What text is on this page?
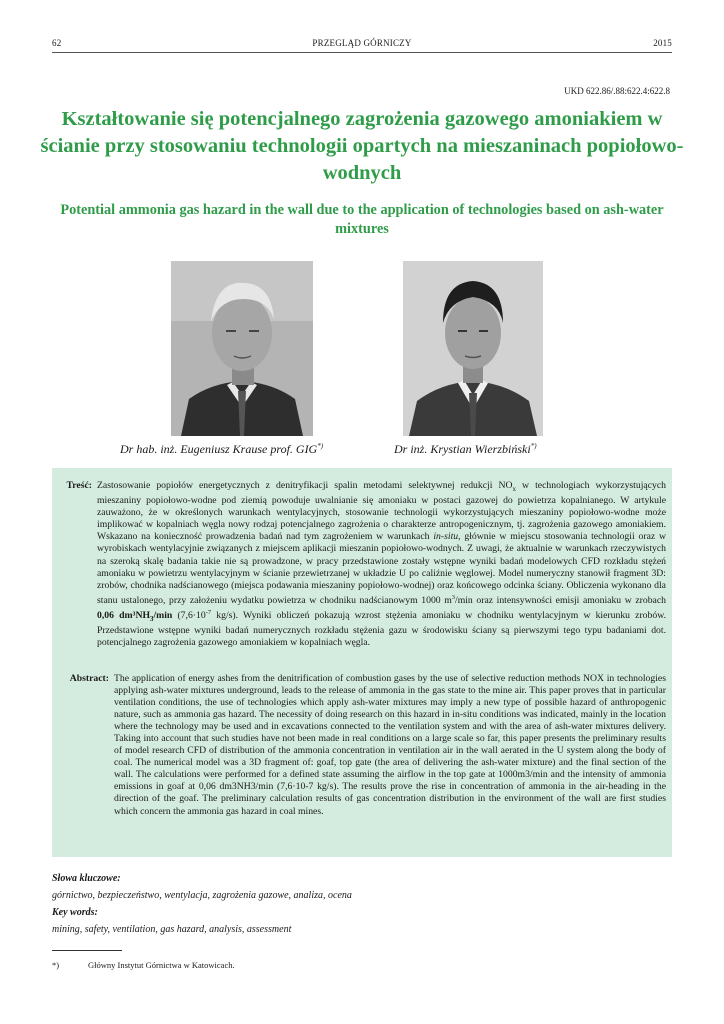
62	PRZEGLĄD GÓRNICZY	2015
UKD 622.86/.88:622.4:622.8
Kształtowanie się potencjalnego zagrożenia gazowego amoniakiem w ścianie przy stosowaniu technologii opartych na mieszaninach popiołowo-wodnych
Potential ammonia gas hazard in the wall due to the application of technologies based on ash-water mixtures
Dr hab. inż. Eugeniusz Krause prof. GIG*)	Dr inż. Krystian Wierzbiński*)
Treść: Zastosowanie popiołów energetycznych z denitryfikacji spalin metodami selektywnej redukcji $NO_x$ w technologiach wykorzystujących mieszaniny popiołowo-wodne pod ziemią powoduje uwalnianie się amoniaku w postaci gazowej do powietrza kopalnianego. W artykule zauważono, że w określonych warunkach wentylacyjnych, stosowanie technologii wykorzystujących mieszaniny popiołowo-wodne może implikować w kopalniach węgla nowy rodzaj potencjalnego zagrożenia o charakterze antropogenicznym, tj. zagrożenia gazowego amoniakiem. Wskazano na konieczność prowadzenia badań nad tym zagrożeniem w warunkach in-situ, głównie w miejscu stosowania technologii oraz w wyrobiskach wentylacyjnie związanych z miejscem aplikacji mieszanin popiołowo-wodnych. Z uwagi, że aktualnie w warunkach rzeczywistych na szeroką skalę badania takie nie są prowadzone, w pracy przedstawione zostały wstępne wyniki badań modelowych CFD rozkładu stężeń amoniaku w powietrzu wentylacyjnym w ścianie przewietrzanej w układzie U po caliźnie węglowej. Model numeryczny stanowił fragment 3D: zrobów, chodnika nadścianowego (miejsca podawania mieszaniny popiołowo-wodnej) oraz końcowego odcinka ściany. Obliczenia wykonano dla stanu ustalonego, przy założeniu wydatku powietrza w chodniku nadścianowym 1000 $m^3/\min$ oraz intensywności emisji amoniaku w zrobach 0,06 $dm^3NH_3/\min$ ($7,6\cdot 10^{-7}$ kg/s). Wyniki obliczeń pokazują wzrost stężenia amoniaku w chodniku wentylacyjnym w kierunku zrobów. Przedstawione wstępne wyniki badań numerycznych rozkładu stężenia gazu w środowisku ściany są pierwszymi tego typu badaniami dot. potencjalnego zagrożenia gazowego amoniakiem w kopalniach węgla.
Abstract: The application of energy ashes from the denitrification of combustion gases by the use of selective reduction methods NOX in technologies applying ash-water mixtures underground, leads to the release of ammonia in the gas state to the mine air. This paper proves that in particular ventilation conditions, the use of technologies which apply ash-water mixtures may imply a new type of possible hazard of anthropogenic nature, such as ammonia gas hazard. The necessity of doing research on this hazard in in-situ conditions was indicated, mainly in the location where the technology may be used and in excavations connected to the ventilation system and with the area of ash-water mixtures delivery. Taking into account that such studies have not been made in real conditions on a large scale so far, this paper presents the preliminary results of model research CFD of distribution of the ammonia concentration in ventilation air in the wall aerated in the U system along the body of coal. The numerical model was a 3D fragment of: goaf, top gate (the area of delivering the ash-water mixture) and the final section of the wall. The calculations were performed for a defined state assuming the airflow in the top gate at 1000m3/min and the intensity of ammonia emissions in goaf at 0,06 dm3NH3/min (7,6·10-7 kg/s). The results prove the rise in concentration of ammonia in the air-heading in the direction of the goaf. The preliminary calculation results of gas concentration distribution in the environment of the wall are first studies which concern the ammonia gas hazard in coal mines.
Słowa kluczowe:
górnictwo, bezpieczeństwo, wentylacja, zagrożenia gazowe, analiza, ocena
Key words:
mining, safety, ventilation, gas hazard, analysis, assessment
*)	Główny Instytut Górnictwa w Katowicach.
